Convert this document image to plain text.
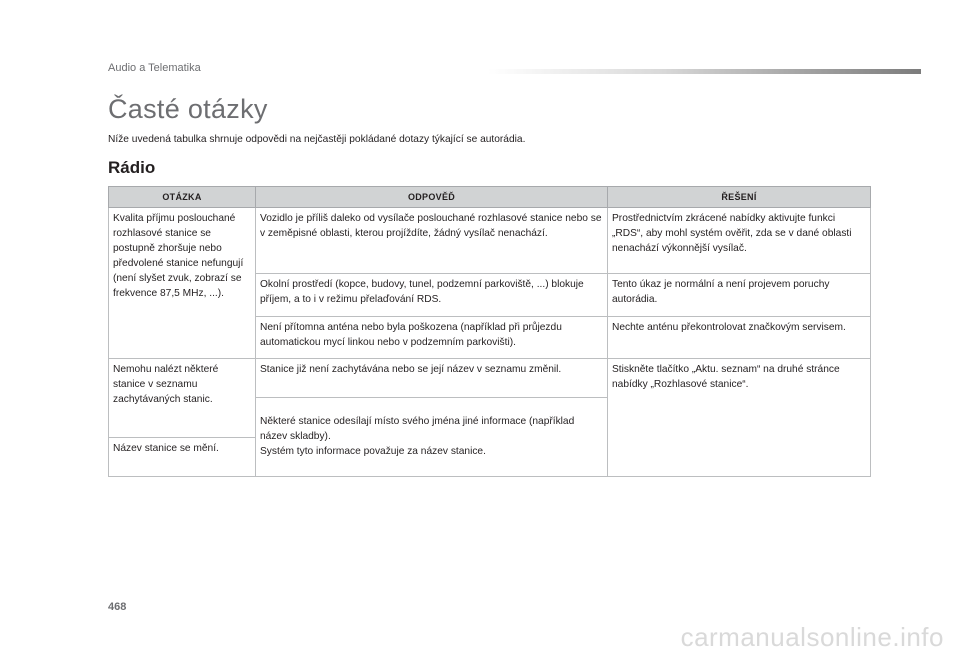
Audio a Telematika
Časté otázky

Níže uvedená tabulka shrnuje odpovědi na nejčastěji pokládané dotazy týkající se autorádia.

Rádio
OTÁZKA	ODPOVĚĎ	ŘEŠENÍ
Kvalita příjmu poslouchané rozhlasové stanice se postupně zhoršuje nebo předvolené stanice nefungují (není slyšet zvuk, zobrazí se frekvence 87,5 MHz, ...).	Vozidlo je příliš daleko od vysílače poslouchané rozhlasové stanice nebo se v zeměpisné oblasti, kterou projíždíte, žádný vysílač nenachází.	Prostřednictvím zkrácené nabídky aktivujte funkci „RDS“, aby mohl systém ověřit, zda se v dané oblasti nenachází výkonnější vysílač.
	Okolní prostředí (kopce, budovy, tunel, podzemní parkoviště, ...) blokuje příjem, a to i v režimu přelaďování RDS.	Tento úkaz je normální a není projevem poruchy autorádia.
	Není přítomna anténa nebo byla poškozena (například při průjezdu automatickou mycí linkou nebo v podzemním parkovišti).	Nechte anténu překontrolovat značkovým servisem.
Nemohu nalézt některé stanice v seznamu zachytávaných stanic.	Stanice již není zachytávána nebo se její název v seznamu změnil.	Stiskněte tlačítko „Aktu. seznam“ na druhé stránce nabídky „Rozhlasové stanice“.

	Některé stanice odesílají místo svého jména jiné informace (například název skladby).
Systém tyto informace považuje za název stanice.	

Název stanice se mění.		
468
carmanualsonline.info
